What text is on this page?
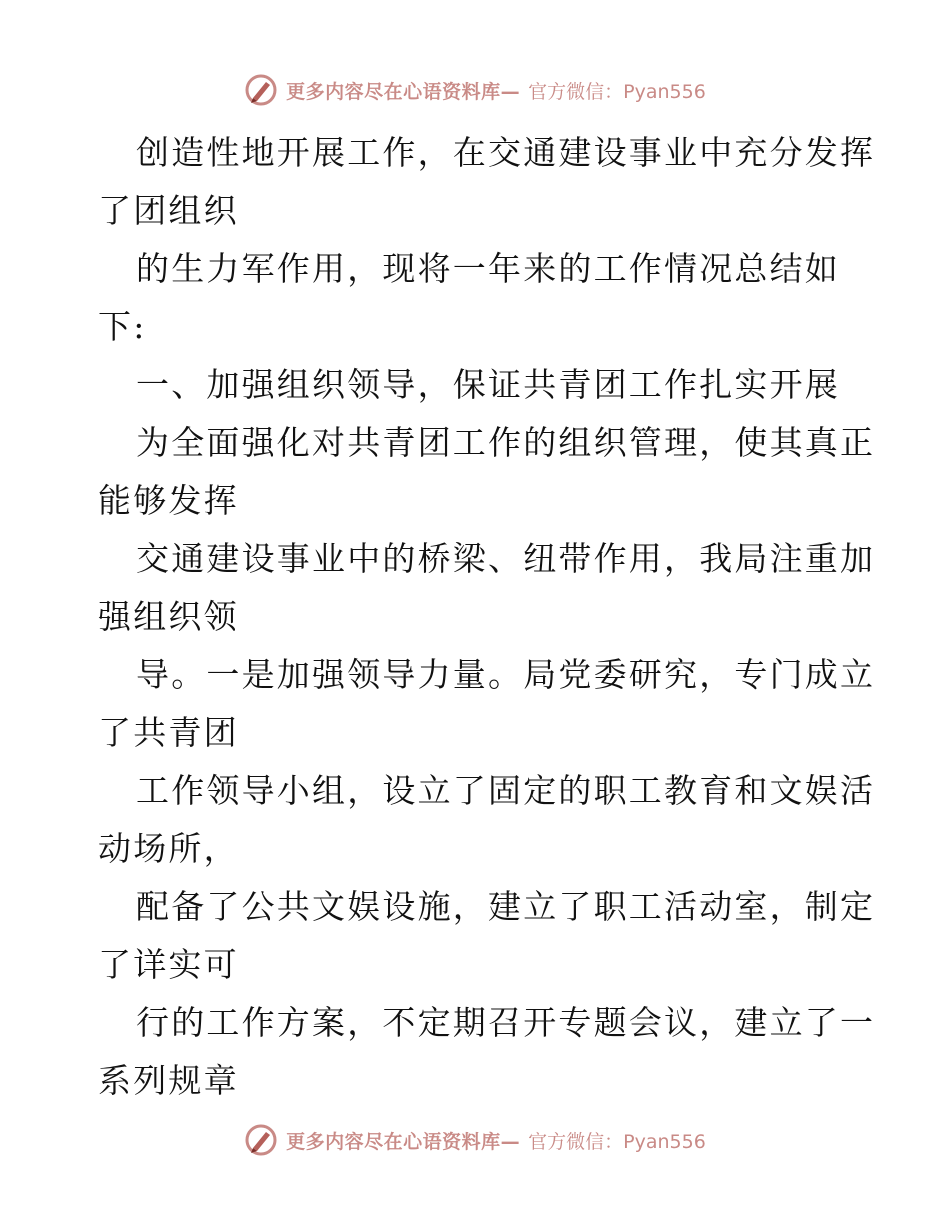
更多内容尽在心语资料库— 官方微信：Pyan556
创造性地开展工作，在交通建设事业中充分发挥
了团组织
的生力军作用，现将一年来的工作情况总结如
下:
一、加强组织领导，保证共青团工作扎实开展
为全面强化对共青团工作的组织管理，使其真正
能够发挥
交通建设事业中的桥梁、纽带作用，我局注重加
强组织领
导。一是加强领导力量。局党委研究，专门成立
了共青团
工作领导小组，设立了固定的职工教育和文娱活
动场所，
配备了公共文娱设施，建立了职工活动室，制定
了详实可
行的工作方案，不定期召开专题会议，建立了一
系列规章
更多内容尽在心语资料库— 官方微信：Pyan556
